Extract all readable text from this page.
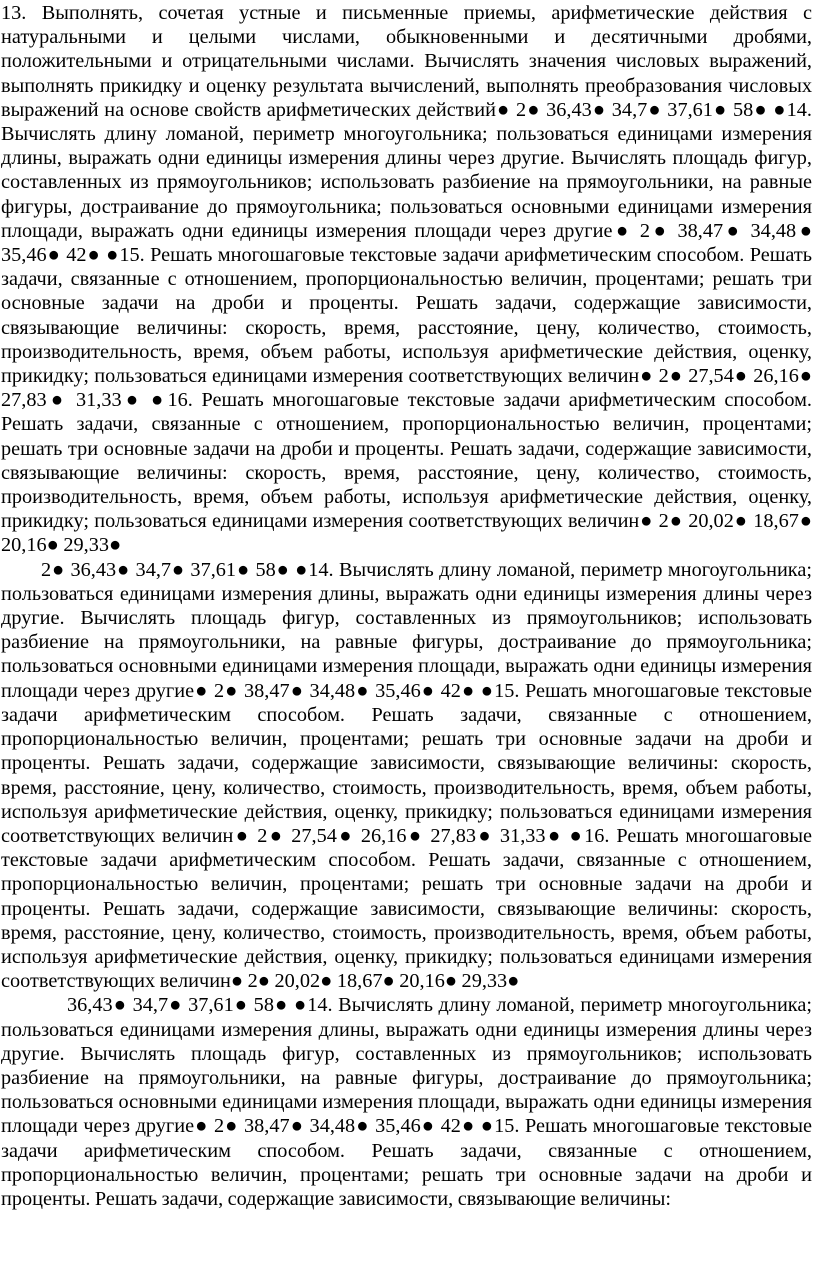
13. Выполнять, сочетая устные и письменные приемы, арифметические действия с натуральными и целыми числами, обыкновенными и десятичными дробями, положительными и отрицательными числами. Вычислять значения числовых выражений, выполнять прикидку и оценку результата вычислений, выполнять преобразования числовых выражений на основе свойств арифметических действий● 2● 36,43● 34,7● 37,61● 58● ●14. Вычислять длину ломаной, периметр многоугольника; пользоваться единицами измерения длины, выражать одни единицы измерения длины через другие. Вычислять площадь фигур, составленных из прямоугольников; использовать разбиение на прямоугольники, на равные фигуры, достраивание до прямоугольника; пользоваться основными единицами измерения площади, выражать одни единицы измерения площади через другие● 2● 38,47● 34,48● 35,46● 42● ●15. Решать многошаговые текстовые задачи арифметическим способом. Решать задачи, связанные с отношением, пропорциональностью величин, процентами; решать три основные задачи на дроби и проценты. Решать задачи, содержащие зависимости, связывающие величины: скорость, время, расстояние, цену, количество, стоимость, производительность, время, объем работы, используя арифметические действия, оценку, прикидку; пользоваться единицами измерения соответствующих величин● 2● 27,54● 26,16● 27,83● 31,33● ●16. Решать многошаговые текстовые задачи арифметическим способом. Решать задачи, связанные с отношением, пропорциональностью величин, процентами; решать три основные задачи на дроби и проценты. Решать задачи, содержащие зависимости, связывающие величины: скорость, время, расстояние, цену, количество, стоимость, производительность, время, объем работы, используя арифметические действия, оценку, прикидку; пользоваться единицами измерения соответствующих величин● 2● 20,02● 18,67● 20,16● 29,33●

2● 36,43● 34,7● 37,61● 58● ●14. Вычислять длину ломаной, периметр многоугольника; пользоваться единицами измерения длины, выражать одни единицы измерения длины через другие. Вычислять площадь фигур, составленных из прямоугольников; использовать разбиение на прямоугольники, на равные фигуры, достраивание до прямоугольника; пользоваться основными единицами измерения площади, выражать одни единицы измерения площади через другие● 2● 38,47● 34,48● 35,46● 42● ●15. Решать многошаговые текстовые задачи арифметическим способом. Решать задачи, связанные с отношением, пропорциональностью величин, процентами; решать три основные задачи на дроби и проценты. Решать задачи, содержащие зависимости, связывающие величины: скорость, время, расстояние, цену, количество, стоимость, производительность, время, объем работы, используя арифметические действия, оценку, прикидку; пользоваться единицами измерения соответствующих величин● 2● 27,54● 26,16● 27,83● 31,33● ●16. Решать многошаговые текстовые задачи арифметическим способом. Решать задачи, связанные с отношением, пропорциональностью величин, процентами; решать три основные задачи на дроби и проценты. Решать задачи, содержащие зависимости, связывающие величины: скорость, время, расстояние, цену, количество, стоимость, производительность, время, объем работы, используя арифметические действия, оценку, прикидку; пользоваться единицами измерения соответствующих величин● 2● 20,02● 18,67● 20,16● 29,33●

36,43● 34,7● 37,61● 58● ●14. Вычислять длину ломаной, периметр многоугольника; пользоваться единицами измерения длины, выражать одни единицы измерения длины через другие. Вычислять площадь фигур, составленных из прямоугольников; использовать разбиение на прямоугольники, на равные фигуры, достраивание до прямоугольника; пользоваться основными единицами измерения площади, выражать одни единицы измерения площади через другие● 2● 38,47● 34,48● 35,46● 42● ●15. Решать многошаговые текстовые задачи арифметическим способом. Решать задачи, связанные с отношением, пропорциональностью величин, процентами; решать три основные задачи на дроби и проценты. Решать задачи, содержащие зависимости, связывающие величины:
